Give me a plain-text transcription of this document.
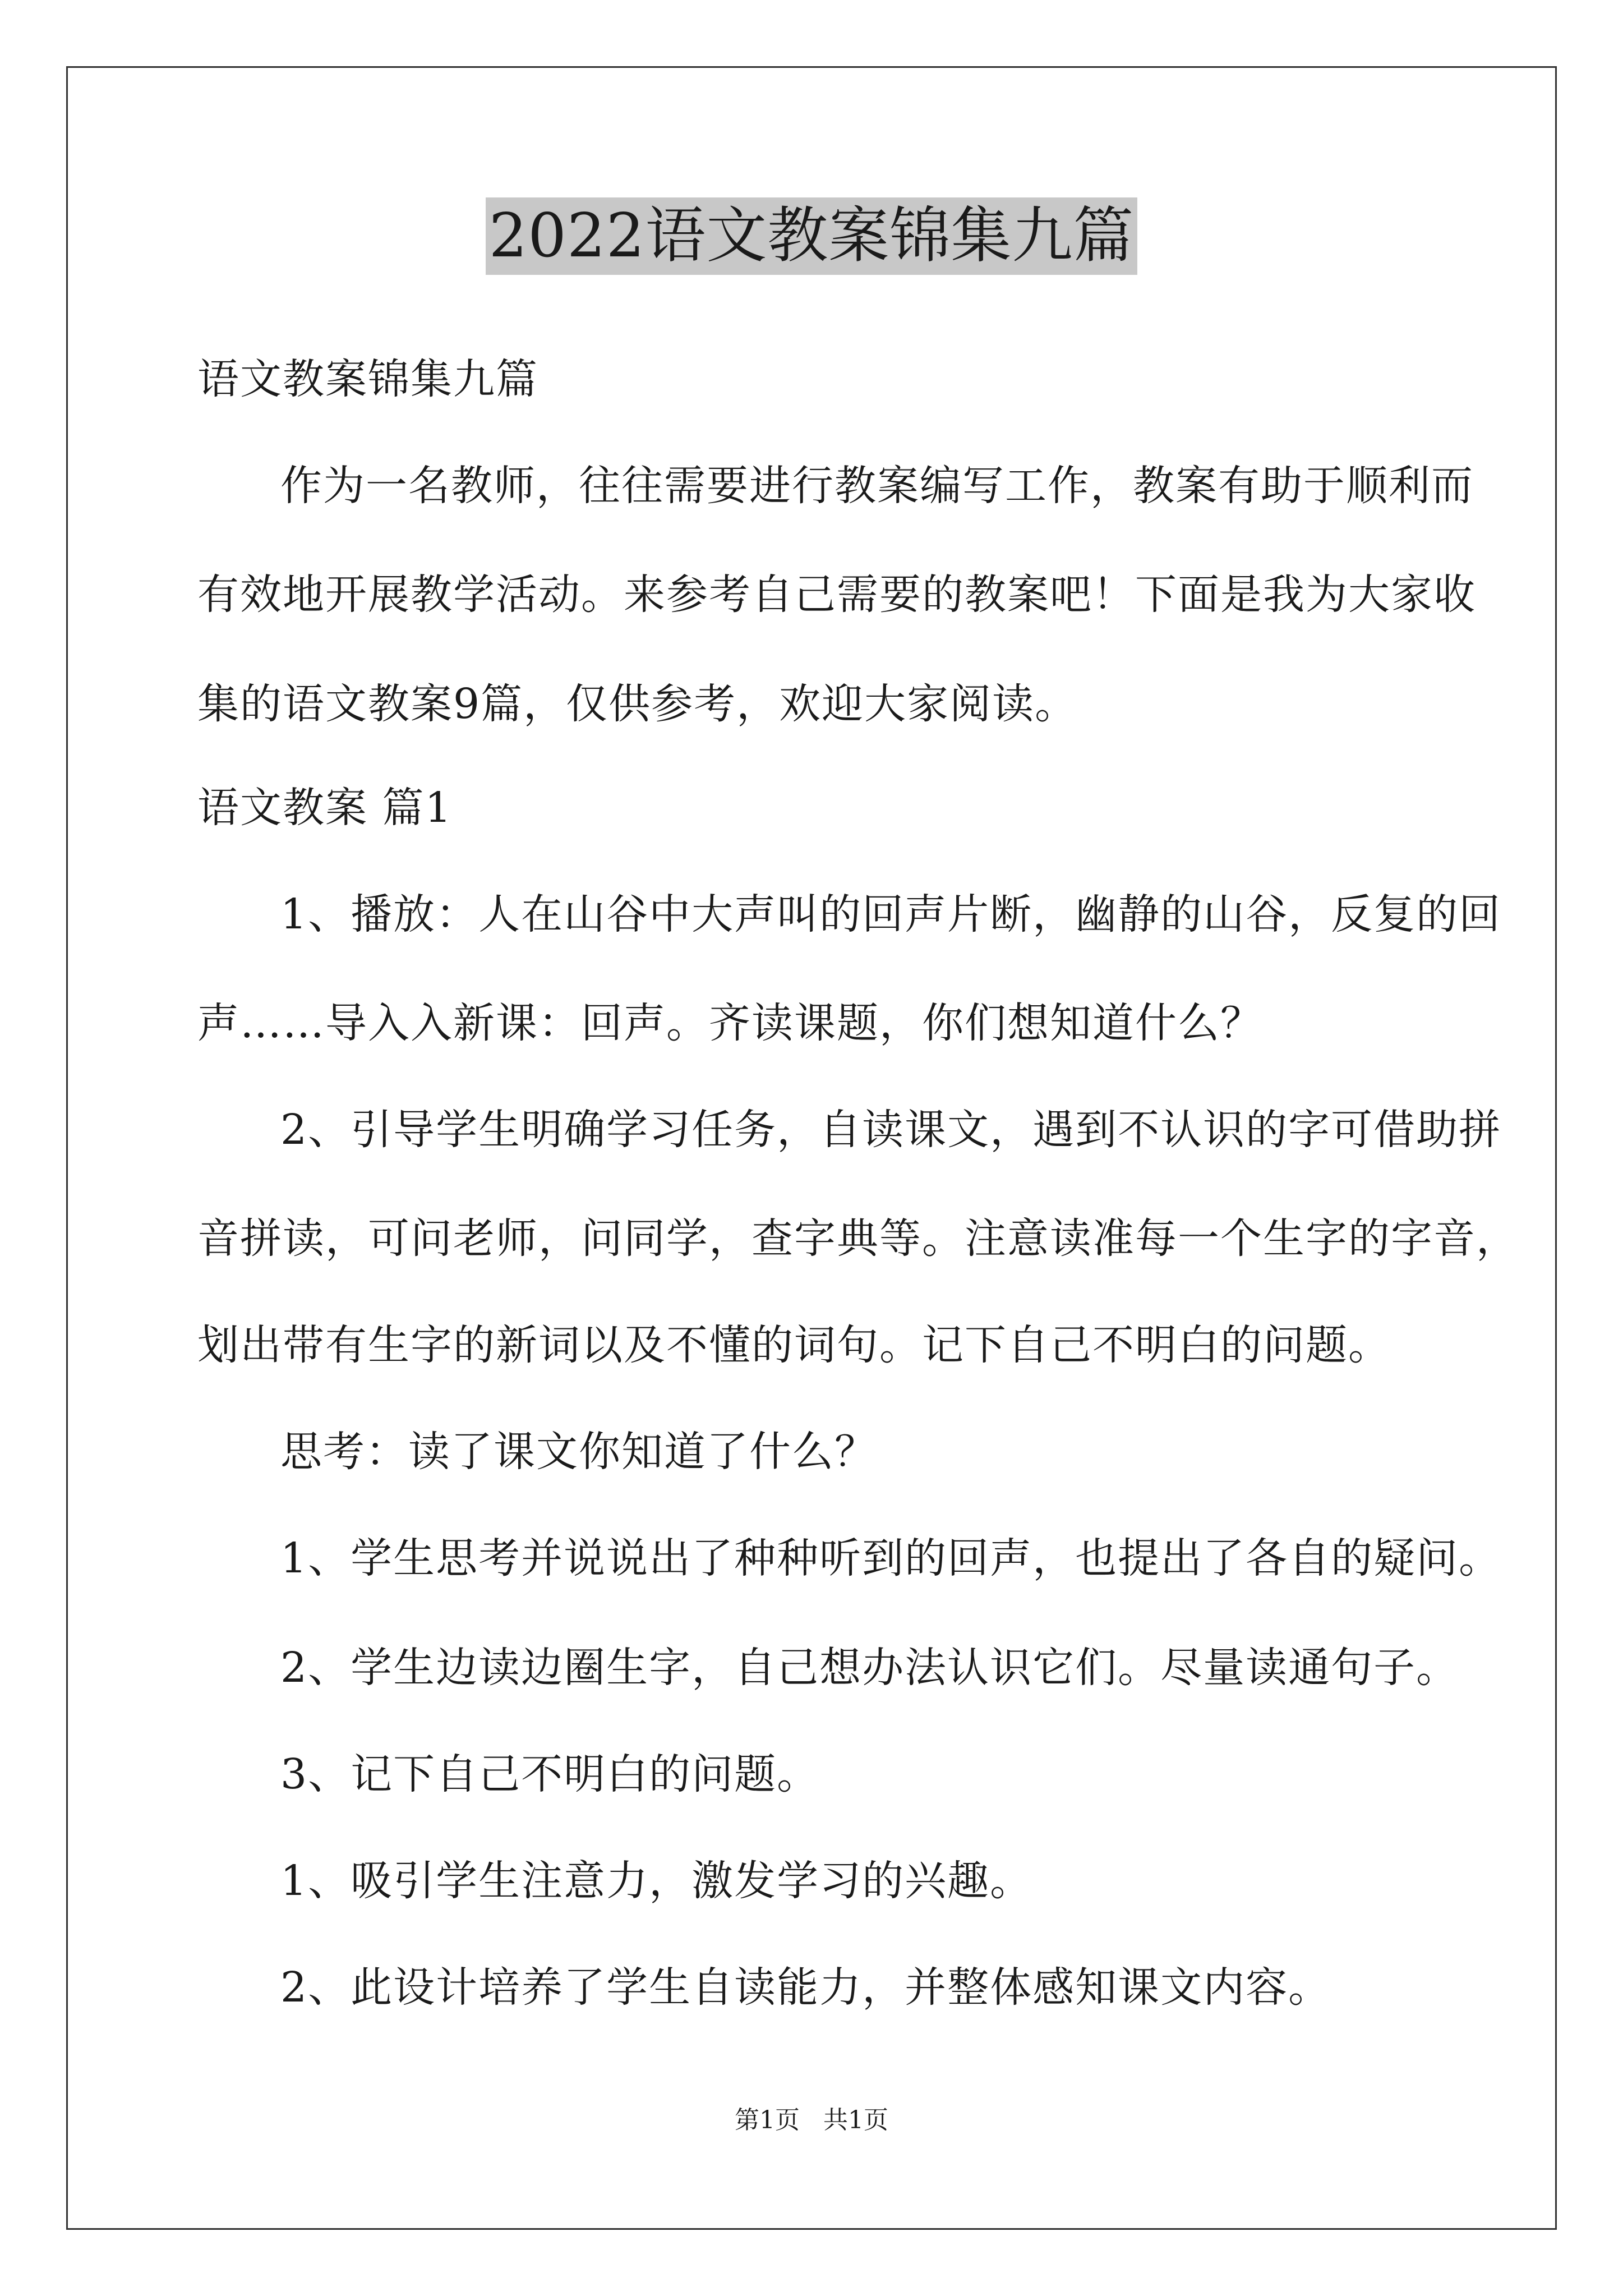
2022语文教案锦集九篇
语文教案锦集九篇
作为一名教师，往往需要进行教案编写工作，教案有助于顺利而
有效地开展教学活动。来参考自己需要的教案吧！下面是我为大家收
集的语文教案9篇，仅供参考，欢迎大家阅读。
语文教案 篇1
1、播放：人在山谷中大声叫的回声片断，幽静的山谷，反复的回
声……导入入新课：回声。齐读课题，你们想知道什么？
2、引导学生明确学习任务，自读课文，遇到不认识的字可借助拼
音拼读，可问老师，问同学，查字典等。注意读准每一个生字的字音，
划出带有生字的新词以及不懂的词句。记下自己不明白的问题。
思考：读了课文你知道了什么？
1、学生思考并说说出了种种听到的回声，也提出了各自的疑问。
2、学生边读边圈生字，自己想办法认识它们。尽量读通句子。
3、记下自己不明白的问题。
1、吸引学生注意力，激发学习的兴趣。
2、此设计培养了学生自读能力，并整体感知课文内容。
第1页   共1页
